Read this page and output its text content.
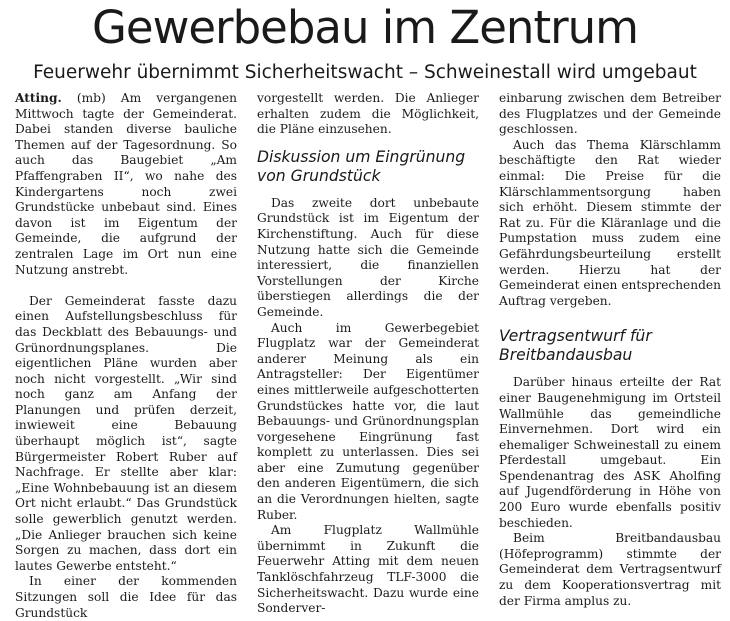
Gewerbebau im Zentrum
Feuerwehr übernimmt Sicherheitswacht – Schweinestall wird umgebaut

Atting. (mb) Am vergangenen Mittwoch tagte der Gemeinderat. Dabei standen diverse bauliche Themen auf der Tagesordnung. So auch das Baugebiet „Am Pfaffengraben II“, wo nahe des Kindergartens noch zwei Grundstücke unbebaut sind. Eines davon ist im Eigentum der Gemeinde, die aufgrund der zentralen Lage im Ort nun eine Nutzung anstrebt.

Der Gemeinderat fasste dazu einen Aufstellungsbeschluss für das Deckblatt des Bebauungs- und Grünordnungsplanes. Die eigentlichen Pläne wurden aber noch nicht vorgestellt. „Wir sind noch ganz am Anfang der Planungen und prüfen derzeit, inwieweit eine Bebauung überhaupt möglich ist“, sagte Bürgermeister Robert Ruber auf Nachfrage. Er stellte aber klar: „Eine Wohnbebauung ist an diesem Ort nicht erlaubt.“ Das Grundstück solle gewerblich genutzt werden. „Die Anlieger brauchen sich keine Sorgen zu machen, dass dort ein lautes Gewerbe entsteht.“

In einer der kommenden Sitzungen soll die Idee für das Grundstück

vorgestellt werden. Die Anlieger erhalten zudem die Möglichkeit, die Pläne einzusehen.

Diskussion um Eingrünung von Grundstück

Das zweite dort unbebaute Grundstück ist im Eigentum der Kirchenstiftung. Auch für diese Nutzung hatte sich die Gemeinde interessiert, die finanziellen Vorstellungen der Kirche überstiegen allerdings die der Gemeinde.

Auch im Gewerbegebiet Flugplatz war der Gemeinderat anderer Meinung als ein Antragsteller: Der Eigentümer eines mittlerweile aufgeschotterten Grundstückes hatte vor, die laut Bebauungs- und Grünordnungsplan vorgesehene Eingrünung fast komplett zu unterlassen. Dies sei aber eine Zumutung gegenüber den anderen Eigentümern, die sich an die Verordnungen hielten, sagte Ruber.

Am Flugplatz Wallmühle übernimmt in Zukunft die Feuerwehr Atting mit dem neuen Tanklöschfahrzeug TLF-3000 die Sicherheitswacht. Dazu wurde eine Sonderver-

einbarung zwischen dem Betreiber des Flugplatzes und der Gemeinde geschlossen.

Auch das Thema Klärschlamm beschäftigte den Rat wieder einmal: Die Preise für die Klärschlammentsorgung haben sich erhöht. Diesem stimmte der Rat zu. Für die Kläranlage und die Pumpstation muss zudem eine Gefährdungsbeurteilung erstellt werden. Hierzu hat der Gemeinderat einen entsprechenden Auftrag vergeben.

Vertragsentwurf für Breitbandausbau

Darüber hinaus erteilte der Rat einer Baugenehmigung im Ortsteil Wallmühle das gemeindliche Einvernehmen. Dort wird ein ehemaliger Schweinestall zu einem Pferdestall umgebaut. Ein Spendenantrag des ASK Aholfing auf Jugendförderung in Höhe von 200 Euro wurde ebenfalls positiv beschieden.

Beim Breitbandausbau (Höfeprogramm) stimmte der Gemeinderat dem Vertragsentwurf zu dem Kooperationsvertrag mit der Firma amplus zu.
